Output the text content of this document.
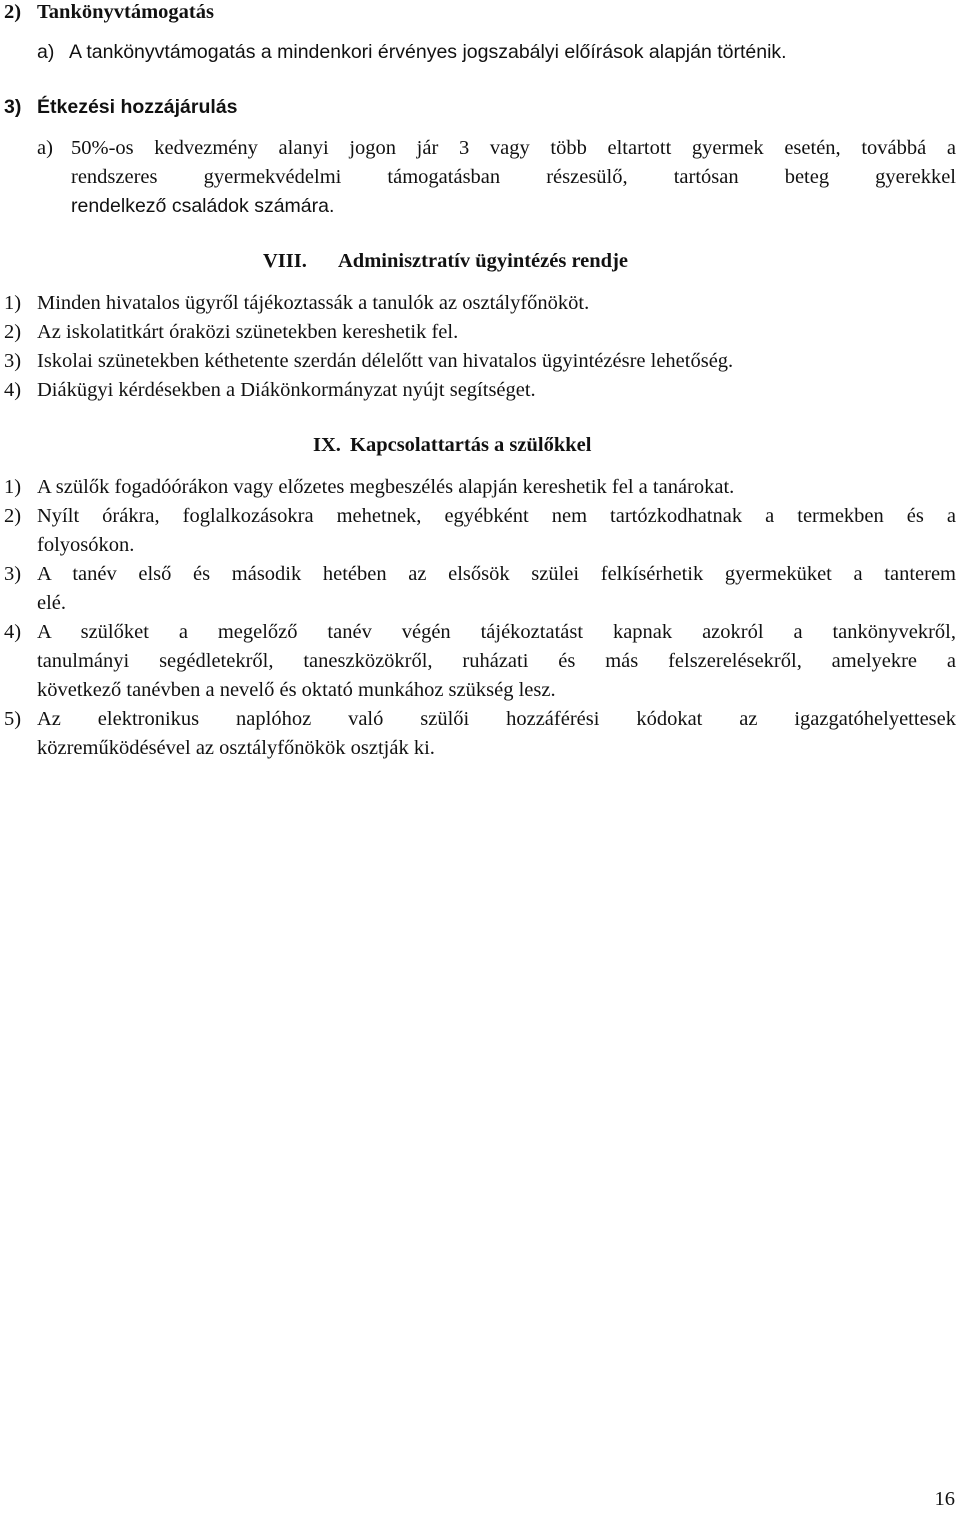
2) Tankönyvtámogatás
a) A tankönyvtámogatás a mindenkori érvényes jogszabályi előírások alapján történik.
3) Étkezési hozzájárulás
a) 50%-os kedvezmény alanyi jogon jár 3 vagy több eltartott gyermek esetén, továbbá a
rendszeres gyermekvédelmi támogatásban részesülő, tartósan beteg gyerekkel
rendelkező családok számára.
VIII. Adminisztratív ügyintézés rendje
1) Minden hivatalos ügyről tájékoztassák a tanulók az osztályfőnököt.
2) Az iskolatitkárt óraközi szünetekben kereshetik fel.
3) Iskolai szünetekben kéthetente szerdán délelőtt van hivatalos ügyintézésre lehetőség.
4) Diákügyi kérdésekben a Diákönkormányzat nyújt segítséget.
IX. Kapcsolattartás a szülőkkel
1) A szülők fogadóórákon vagy előzetes megbeszélés alapján kereshetik fel a tanárokat.
2) Nyílt órákra, foglalkozásokra mehetnek, egyébként nem tartózkodhatnak a termekben és a
folyosókon.
3) A tanév első és második hetében az elsősök szülei felkísérhetik gyermeküket a tanterem
elé.
4) A szülőket a megelőző tanév végén tájékoztatást kapnak azokról a tankönyvekről,
tanulmányi segédletekről, taneszközökről, ruházati és más felszerelésekről, amelyekre a
következő tanévben a nevelő és oktató munkához szükség lesz.
5) Az elektronikus naplóhoz való szülői hozzáférési kódokat az igazgatóhelyettesek
közreműködésével az osztályfőnökök osztják ki.
16
